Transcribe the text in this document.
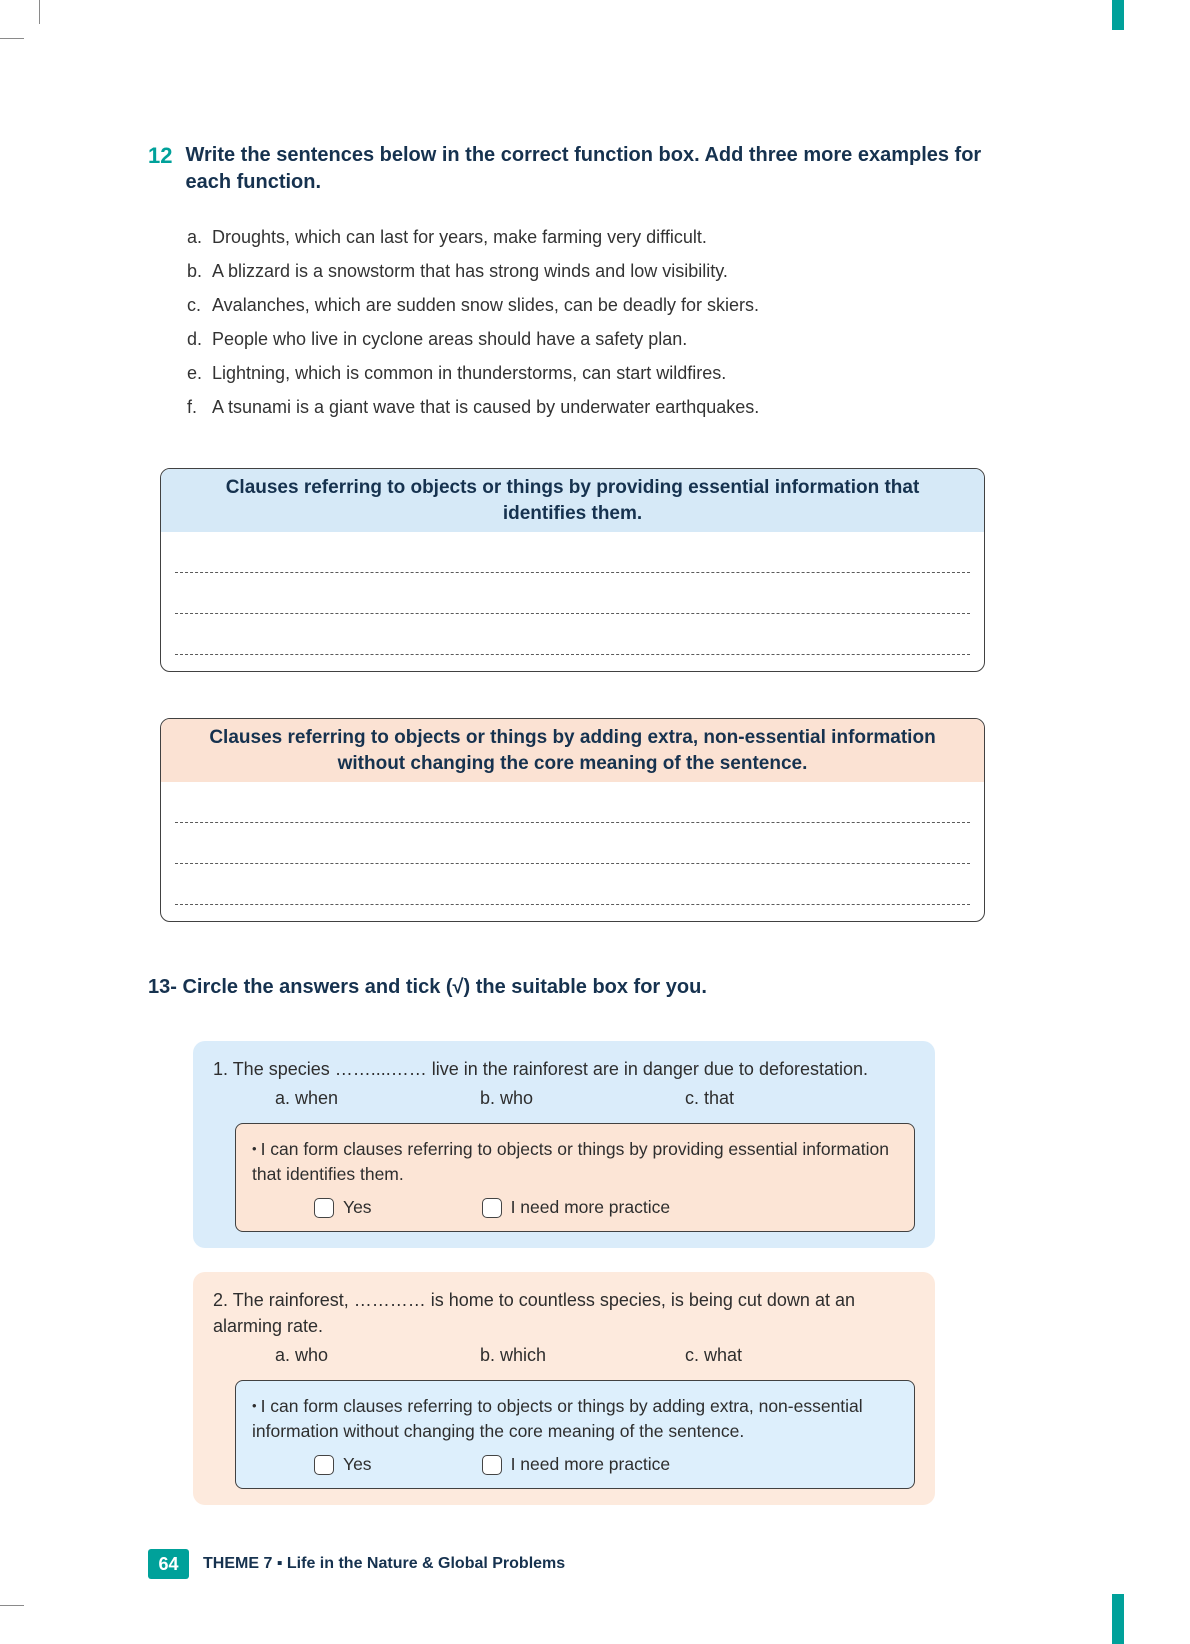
12 Write the sentences below in the correct function box. Add three more examples for each function.
a. Droughts, which can last for years, make farming very difficult.
b. A blizzard is a snowstorm that has strong winds and low visibility.
c. Avalanches, which are sudden snow slides, can be deadly for skiers.
d. People who live in cyclone areas should have a safety plan.
e. Lightning, which is common in thunderstorms, can start wildfires.
f. A tsunami is a giant wave that is caused by underwater earthquakes.
Clauses referring to objects or things by providing essential information that identifies them.
Clauses referring to objects or things by adding extra, non-essential information without changing the core meaning of the sentence.
13- Circle the answers and tick (√) the suitable box for you.
1. The species ……....…… live in the rainforest are in danger due to deforestation.
a. when	b. who	c. that
• I can form clauses referring to objects or things by providing essential information that identifies them.
Yes	I need more practice
2. The rainforest, ………… is home to countless species, is being cut down at an alarming rate.
a. who	b. which	c. what
• I can form clauses referring to objects or things by adding extra, non-essential information without changing the core meaning of the sentence.
Yes	I need more practice
64	THEME 7 ▪ Life in the Nature & Global Problems
